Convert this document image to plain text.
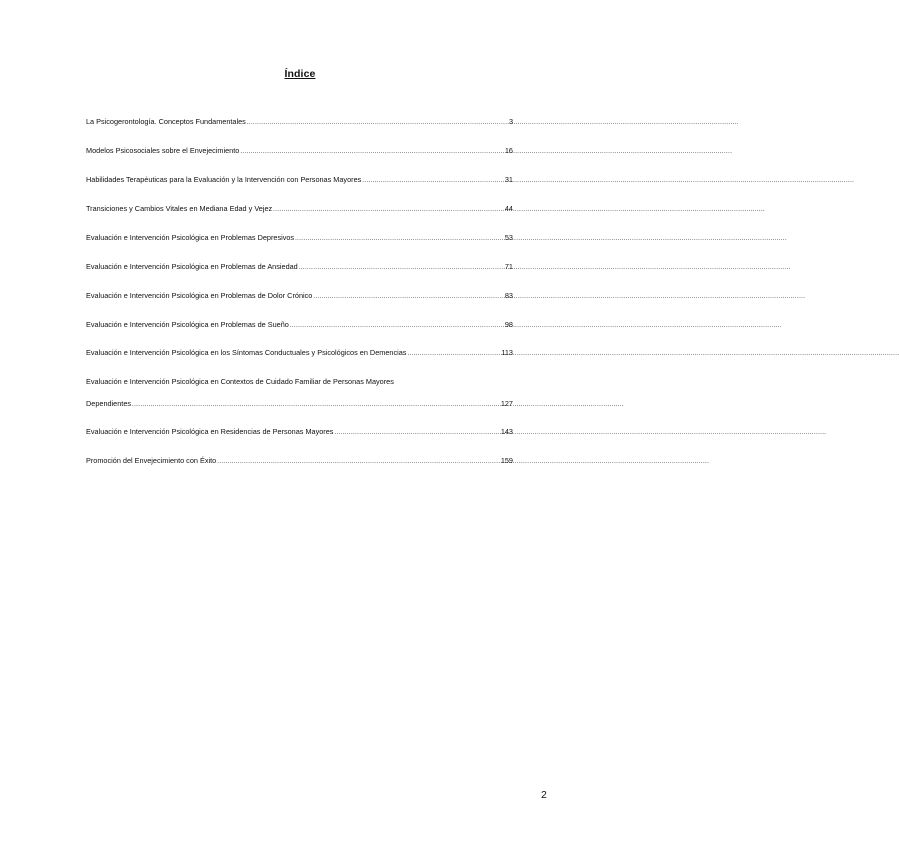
Índice
La Psicogerontología. Conceptos Fundamentales .....	3
Modelos Psicosociales sobre el Envejecimiento .....	16
Habilidades Terapéuticas para la Evaluación y la Intervención con Personas Mayores .....	31
Transiciones y Cambios Vitales en Mediana Edad y Vejez .....	44
Evaluación e Intervención Psicológica en Problemas Depresivos .....	53
Evaluación e Intervención Psicológica en Problemas de Ansiedad .....	71
Evaluación e Intervención Psicológica en Problemas de Dolor Crónico .....	83
Evaluación e Intervención Psicológica en Problemas de Sueño .....	98
Evaluación e Intervención Psicológica en los Síntomas Conductuales y Psicológicos en Demencias .....	113
Evaluación e Intervención Psicológica en Contextos de Cuidado Familiar de Personas Mayores
Dependientes .....	127
Evaluación e Intervención Psicológica en Residencias de Personas Mayores .....	143
Promoción del Envejecimiento con Éxito .....	159
2
